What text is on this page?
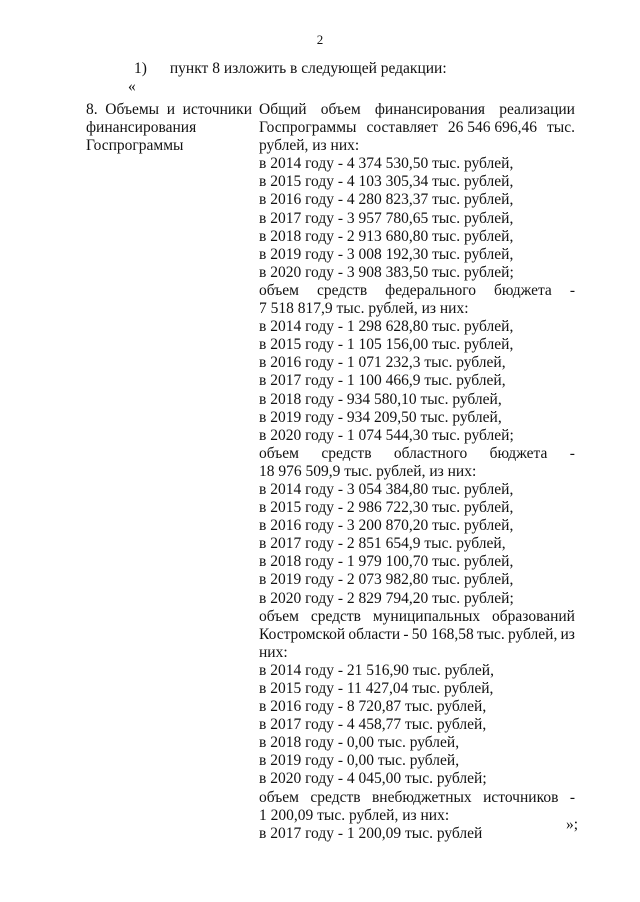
2
1) пункт 8 изложить в следующей редакции:
«
8. Объемы и источники финансирования Госпрограммы
Общий объем финансирования реализации
Госпрограммы составляет 26 546 696,46 тыс.
рублей, из них:
в 2014 году - 4 374 530,50 тыс. рублей,
в 2015 году - 4 103 305,34 тыс. рублей,
в 2016 году - 4 280 823,37 тыс. рублей,
в 2017 году - 3 957 780,65 тыс. рублей,
в 2018 году - 2 913 680,80 тыс. рублей,
в 2019 году - 3 008 192,30 тыс. рублей,
в 2020 году - 3 908 383,50 тыс. рублей;
объем средств федерального бюджета -
7 518 817,9 тыс. рублей, из них:
в 2014 году - 1 298 628,80 тыс. рублей,
в 2015 году - 1 105 156,00 тыс. рублей,
в 2016 году - 1 071 232,3 тыс. рублей,
в 2017 году - 1 100 466,9 тыс. рублей,
в 2018 году - 934 580,10 тыс. рублей,
в 2019 году - 934 209,50 тыс. рублей,
в 2020 году - 1 074 544,30 тыс. рублей;
объем средств областного бюджета -
18 976 509,9 тыс. рублей, из них:
в 2014 году - 3 054 384,80 тыс. рублей,
в 2015 году - 2 986 722,30 тыс. рублей,
в 2016 году - 3 200 870,20 тыс. рублей,
в 2017 году - 2 851 654,9 тыс. рублей,
в 2018 году - 1 979 100,70 тыс. рублей,
в 2019 году - 2 073 982,80 тыс. рублей,
в 2020 году - 2 829 794,20 тыс. рублей;
объем средств муниципальных образований
Костромской области - 50 168,58 тыс. рублей, из
них:
в 2014 году - 21 516,90 тыс. рублей,
в 2015 году - 11 427,04 тыс. рублей,
в 2016 году - 8 720,87 тыс. рублей,
в 2017 году - 4 458,77 тыс. рублей,
в 2018 году - 0,00 тыс. рублей,
в 2019 году - 0,00 тыс. рублей,
в 2020 году - 4 045,00 тыс. рублей;
объем средств внебюджетных источников -
1 200,09 тыс. рублей, из них:
в 2017 году - 1 200,09 тыс. рублей
»;
